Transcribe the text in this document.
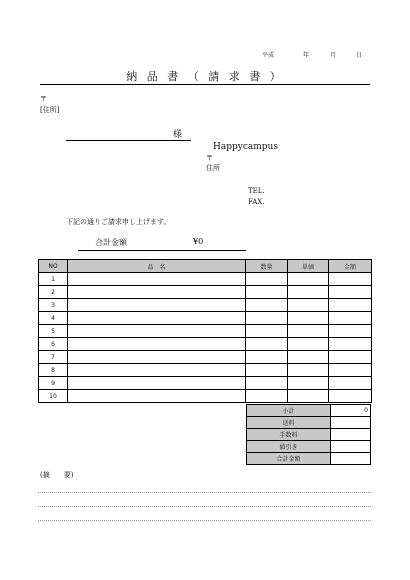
平成	年	月	日
納 品 書 （ 請 求 書 ）
〒
[住所]
様
Happycampus
〒
住所
TEL.
FAX.
下記の通りご請求申し上げます。
合計金額	¥0
NO	品　名	数量	単価	金額
1				
2				
3				
4				
5				
6				
7				
8				
9				
10				
小計	0
送料	
手数料	
値引き	
合計金額	
(摘　　要)
